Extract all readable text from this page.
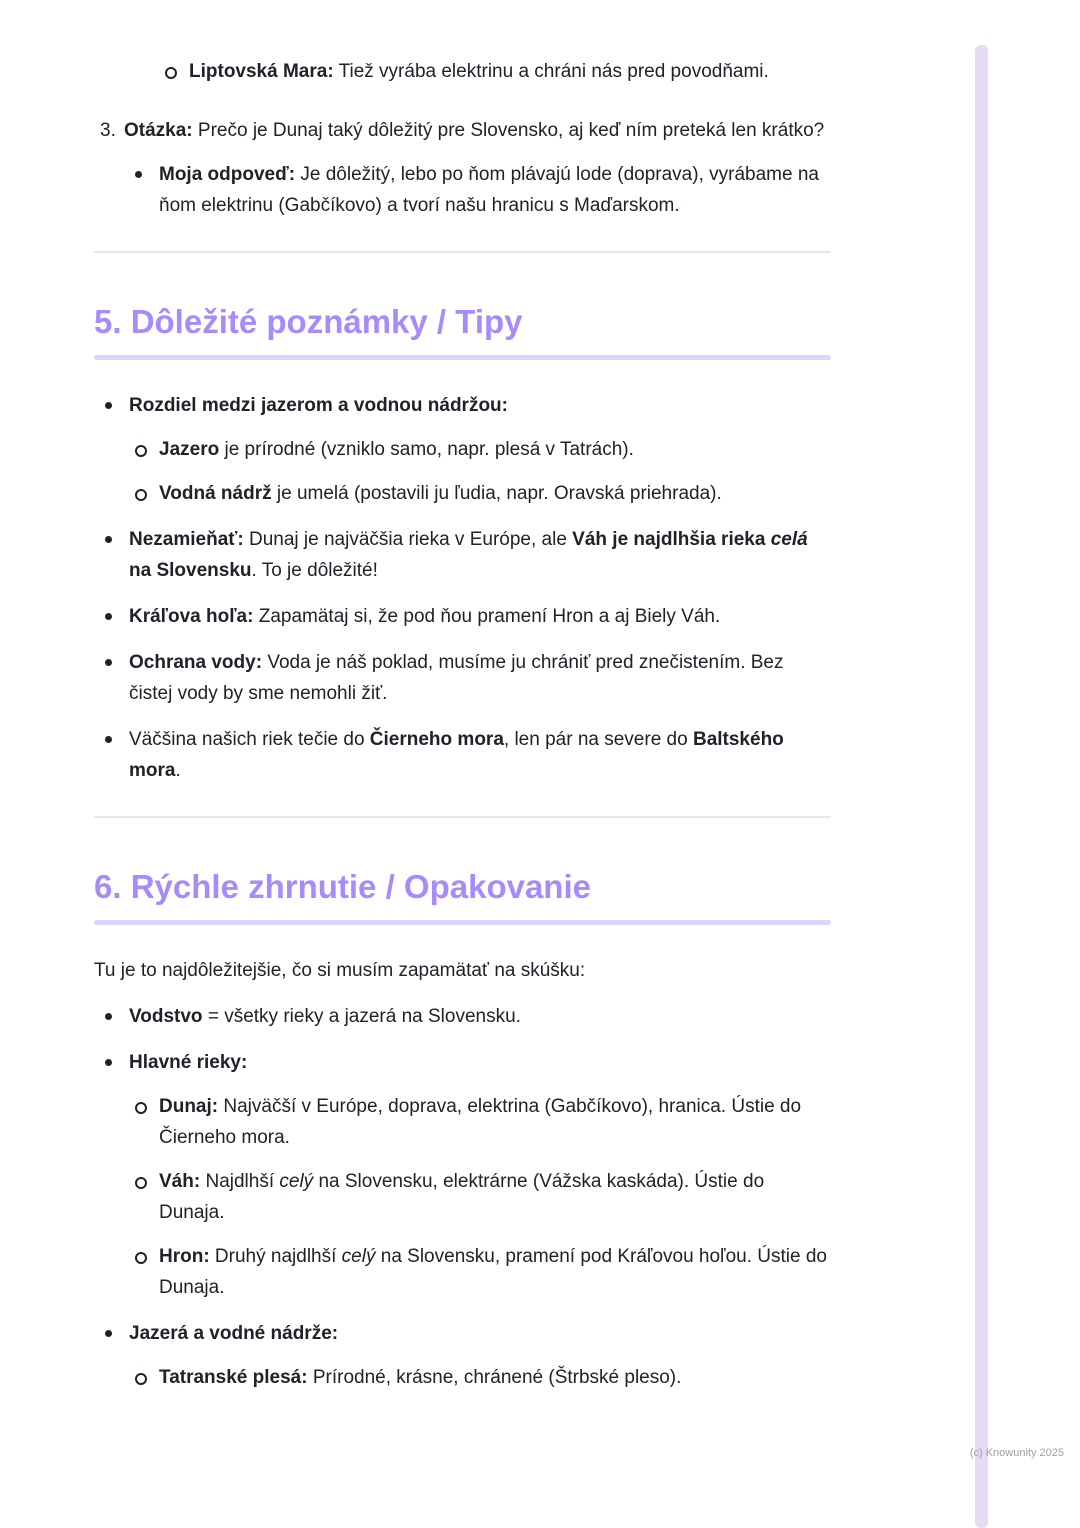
Liptovská Mara: Tiež vyrába elektrinu a chráni nás pred povodňami.
3. Otázka: Prečo je Dunaj taký dôležitý pre Slovensko, aj keď ním preteká len krátko?
Moja odpoveď: Je dôležitý, lebo po ňom plávajú lode (doprava), vyrábame na ňom elektrinu (Gabčíkovo) a tvorí našu hranicu s Maďarskom.
5. Dôležité poznámky / Tipy
Rozdiel medzi jazerom a vodnou nádržou:
Jazero je prírodné (vzniklo samo, napr. plesá v Tatrách).
Vodná nádrž je umelá (postavili ju ľudia, napr. Oravská priehrada).
Nezamieňať: Dunaj je najväčšia rieka v Európe, ale Váh je najdlhšia rieka celá na Slovensku. To je dôležité!
Kráľova hoľa: Zapamätaj si, že pod ňou pramení Hron a aj Biely Váh.
Ochrana vody: Voda je náš poklad, musíme ju chrániť pred znečistením. Bez čistej vody by sme nemohli žiť.
Väčšina našich riek tečie do Čierneho mora, len pár na severe do Baltského mora.
6. Rýchle zhrnutie / Opakovanie
Tu je to najdôležitejšie, čo si musím zapamätať na skúšku:
Vodstvo = všetky rieky a jazerá na Slovensku.
Hlavné rieky:
Dunaj: Najväčší v Európe, doprava, elektrina (Gabčíkovo), hranica. Ústie do Čierneho mora.
Váh: Najdlhší celý na Slovensku, elektrárne (Vážska kaskáda). Ústie do Dunaja.
Hron: Druhý najdlhší celý na Slovensku, pramení pod Kráľovou hoľou. Ústie do Dunaja.
Jazerá a vodné nádrže:
Tatranské plesá: Prírodné, krásne, chránené (Štrbské pleso).
(c) Knowunity 2025
